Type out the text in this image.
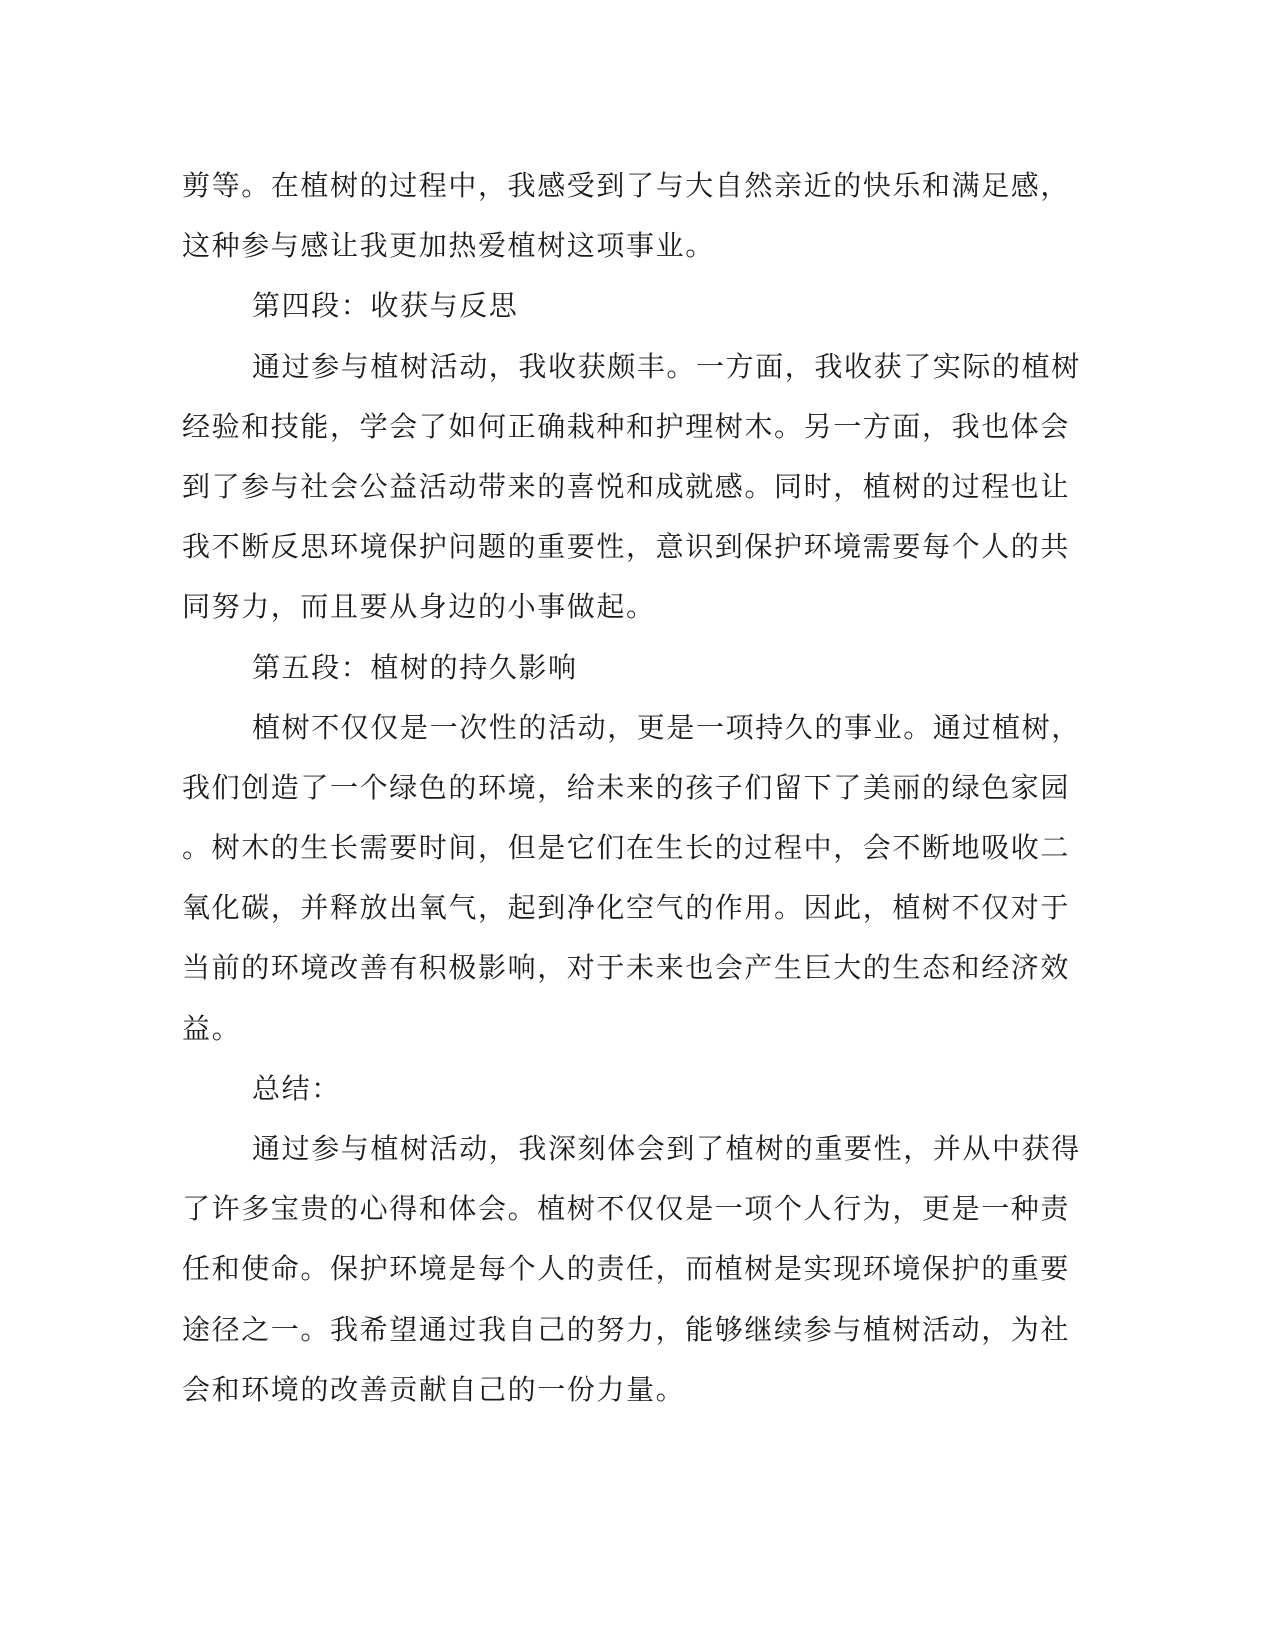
剪等。在植树的过程中，我感受到了与大自然亲近的快乐和满足感，
这种参与感让我更加热爱植树这项事业。

第四段：收获与反思

通过参与植树活动，我收获颇丰。一方面，我收获了实际的植树
经验和技能，学会了如何正确栽种和护理树木。另一方面，我也体会
到了参与社会公益活动带来的喜悦和成就感。同时，植树的过程也让
我不断反思环境保护问题的重要性，意识到保护环境需要每个人的共
同努力，而且要从身边的小事做起。

第五段：植树的持久影响

植树不仅仅是一次性的活动，更是一项持久的事业。通过植树，
我们创造了一个绿色的环境，给未来的孩子们留下了美丽的绿色家园
。树木的生长需要时间，但是它们在生长的过程中，会不断地吸收二
氧化碳，并释放出氧气，起到净化空气的作用。因此，植树不仅对于
当前的环境改善有积极影响，对于未来也会产生巨大的生态和经济效
益。

总结：

通过参与植树活动，我深刻体会到了植树的重要性，并从中获得
了许多宝贵的心得和体会。植树不仅仅是一项个人行为，更是一种责
任和使命。保护环境是每个人的责任，而植树是实现环境保护的重要
途径之一。我希望通过我自己的努力，能够继续参与植树活动，为社
会和环境的改善贡献自己的一份力量。
